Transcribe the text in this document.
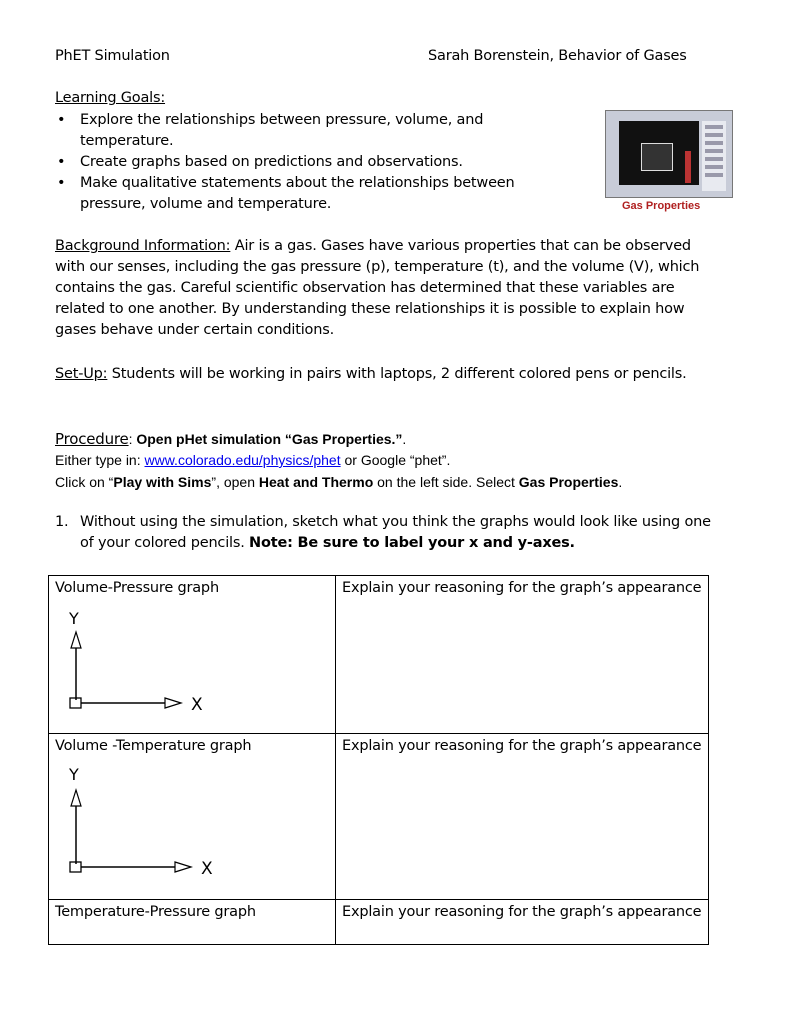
PhET Simulation	Sarah Borenstein, Behavior of Gases
Learning Goals:
• Explore the relationships between pressure, volume, and temperature.
• Create graphs based on predictions and observations.
• Make qualitative statements about the relationships between pressure, volume and temperature.	Gas Properties
Background Information: Air is a gas. Gases have various properties that can be observed with our senses, including the gas pressure (p), temperature (t), and the volume (V), which contains the gas. Careful scientific observation has determined that these variables are related to one another. By understanding these relationships it is possible to explain how gases behave under certain conditions.
Set-Up: Students will be working in pairs with laptops, 2 different colored pens or pencils.
Procedure: Open pHet simulation “Gas Properties.”.
Either type in: www.colorado.edu/physics/phet or Google “phet”.
Click on “Play with Sims”, open Heat and Thermo on the left side. Select Gas Properties.
1. Without using the simulation, sketch what you think the graphs would look like using one of your colored pencils. Note: Be sure to label your x and y-axes.
Volume-Pressure graph
Y
X	Explain your reasoning for the graph’s appearance

Volume -Temperature graph
Y
X	Explain your reasoning for the graph’s appearance

Temperature-Pressure graph	Explain your reasoning for the graph’s appearance
